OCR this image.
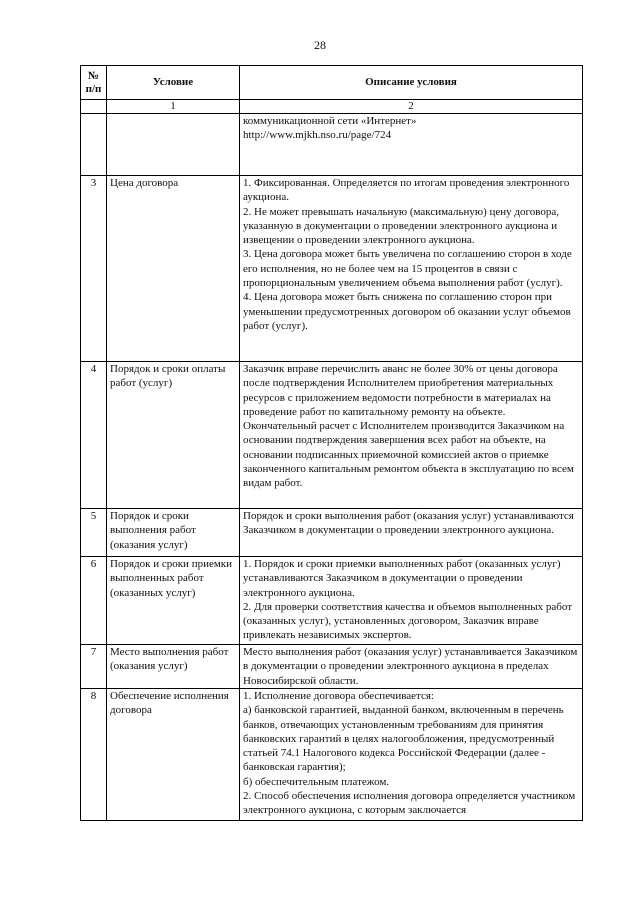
28
№
п/п	Условие	Описание условия
	1	2

		коммуникационной сети «Интернет»

http://www.mjkh.nso.ru/page/724

3	Цена договора	1. Фиксированная. Определяется по итогам проведения электронного аукциона.

2. Не может превышать начальную (максимальную) цену договора, указанную в документации о проведении электронного аукциона и извещении о проведении электронного аукциона.

3. Цена договора может быть увеличена по соглашению сторон в ходе его исполнения, но не более чем на 15 процентов в связи с пропорциональным увеличением объема выполнения работ (услуг).

4. Цена договора может быть снижена по соглашению сторон при уменьшении предусмотренных договором об оказании услуг объемов работ (услуг).

4	Порядок и сроки оплаты работ (услуг)	Заказчик вправе перечислить аванс не более 30% от цены договора после подтверждения Исполнителем приобретения материальных ресурсов с приложением ведомости потребности в материалах на проведение работ по капитальному ремонту на объекте.

Окончательный расчет с Исполнителем производится Заказчиком на основании подтверждения завершения всех работ на объекте, на основании подписанных приемочной комиссией актов о приемке законченного капитальным ремонтом объекта в эксплуатацию по всем видам работ.

5	Порядок и сроки выполнения работ (оказания услуг)	Порядок и сроки выполнения работ (оказания услуг) устанавливаются Заказчиком в документации о проведении электронного аукциона.

6	Порядок и сроки приемки выполненных работ (оказанных услуг)	1. Порядок и сроки приемки выполненных работ (оказанных услуг) устанавливаются Заказчиком в документации о проведении электронного аукциона.

2. Для проверки соответствия качества и объемов выполненных работ (оказанных услуг), установленных договором, Заказчик вправе привлекать независимых экспертов.

7	Место выполнения работ (оказания услуг)	Место выполнения работ (оказания услуг) устанавливается Заказчиком в документации о проведении электронного аукциона в пределах Новосибирской области.

8	Обеспечение исполнения договора	1. Исполнение договора обеспечивается:

а) банковской гарантией, выданной банком, включенным в перечень банков, отвечающих установленным требованиям для принятия банковских гарантий в целях налогообложения, предусмотренный статьей 74.1 Налогового кодекса Российской Федерации (далее - банковская гарантия);

б) обеспечительным платежом.

2. Способ обеспечения исполнения договора определяется участником электронного аукциона, с которым заключается
